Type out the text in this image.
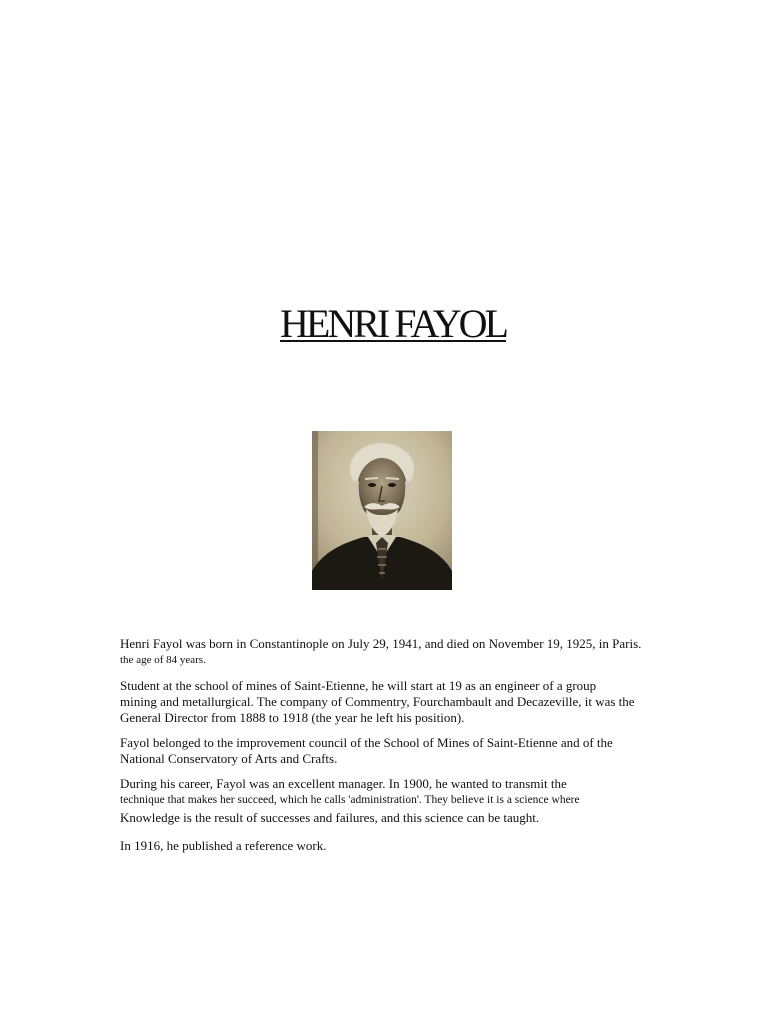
HENRI FAYOL

Henri Fayol was born in Constantinople on July 29, 1941, and died on November 19, 1925, in Paris.
the age of 84 years.

Student at the school of mines of Saint-Etienne, he will start at 19 as an engineer of a group
mining and metallurgical. The company of Commentry, Fourchambault and Decazeville, it was the
General Director from 1888 to 1918 (the year he left his position).

Fayol belonged to the improvement council of the School of Mines of Saint-Etienne and of the
National Conservatory of Arts and Crafts.

During his career, Fayol was an excellent manager. In 1900, he wanted to transmit the
technique that makes her succeed, which he calls 'administration'. They believe it is a science where
Knowledge is the result of successes and failures, and this science can be taught.

In 1916, he published a reference work.
